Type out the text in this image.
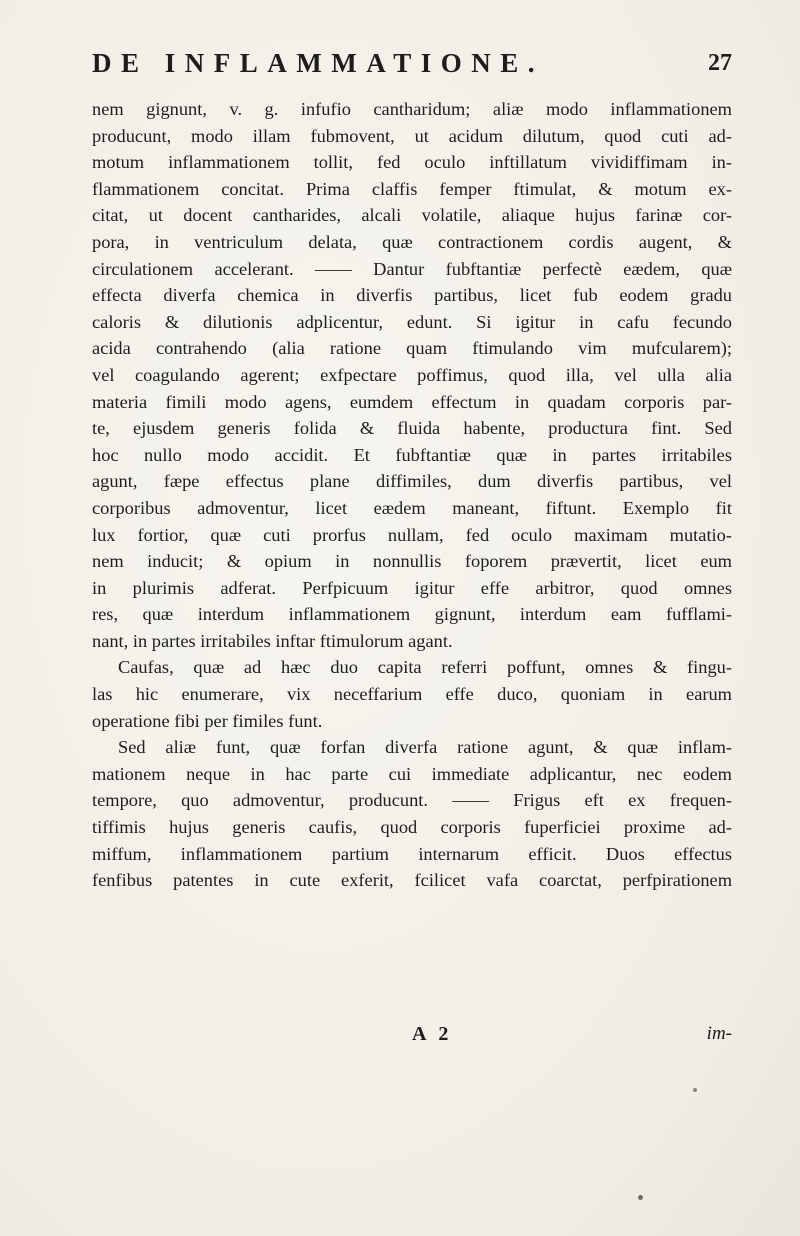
DE INFLAMMATIONE.	27
nem gignunt, v. g. infufio cantharidum; aliæ modo inflammationem
producunt, modo illam fubmovent, ut acidum dilutum, quod cuti ad-
motum inflammationem tollit, fed oculo inftillatum vividiffimam in-
flammationem concitat. Prima claffis femper ftimulat, & motum ex-
citat, ut docent cantharides, alcali volatile, aliaque hujus farinæ cor-
pora, in ventriculum delata, quæ contractionem cordis augent, &
circulationem accelerant. —— Dantur fubftantiæ perfectè eædem, quæ
effecta diverfa chemica in diverfis partibus, licet fub eodem gradu
caloris & dilutionis adplicentur, edunt. Si igitur in cafu fecundo
acida contrahendo (alia ratione quam ftimulando vim mufcularem);
vel coagulando agerent; exfpectare poffimus, quod illa, vel ulla alia
materia fimili modo agens, eumdem effectum in quadam corporis par-
te, ejusdem generis folida & fluida habente, productura fint. Sed
hoc nullo modo accidit. Et fubftantiæ quæ in partes irritabiles
agunt, fæpe effectus plane diffimiles, dum diverfis partibus, vel
corporibus admoventur, licet eædem maneant, fiftunt. Exemplo fit
lux fortior, quæ cuti prorfus nullam, fed oculo maximam mutatio-
nem inducit; & opium in nonnullis foporem prævertit, licet eum
in plurimis adferat. Perfpicuum igitur effe arbitror, quod omnes
res, quæ interdum inflammationem gignunt, interdum eam fufflami-
nant, in partes irritabiles inftar ftimulorum agant.
Caufas, quæ ad hæc duo capita referri poffunt, omnes & fingu-
las hic enumerare, vix neceffarium effe duco, quoniam in earum
operatione fibi per fimiles funt.
Sed aliæ funt, quæ forfan diverfa ratione agunt, & quæ inflam-
mationem neque in hac parte cui immediate adplicantur, nec eodem
tempore, quo admoventur, producunt. —— Frigus eft ex frequen-
tiffimis hujus generis caufis, quod corporis fuperficiei proxime ad-
miffum, inflammationem partium internarum efficit. Duos effectus
fenfibus patentes in cute exferit, fcilicet vafa coarctat, perfpirationem
A 2	im-
